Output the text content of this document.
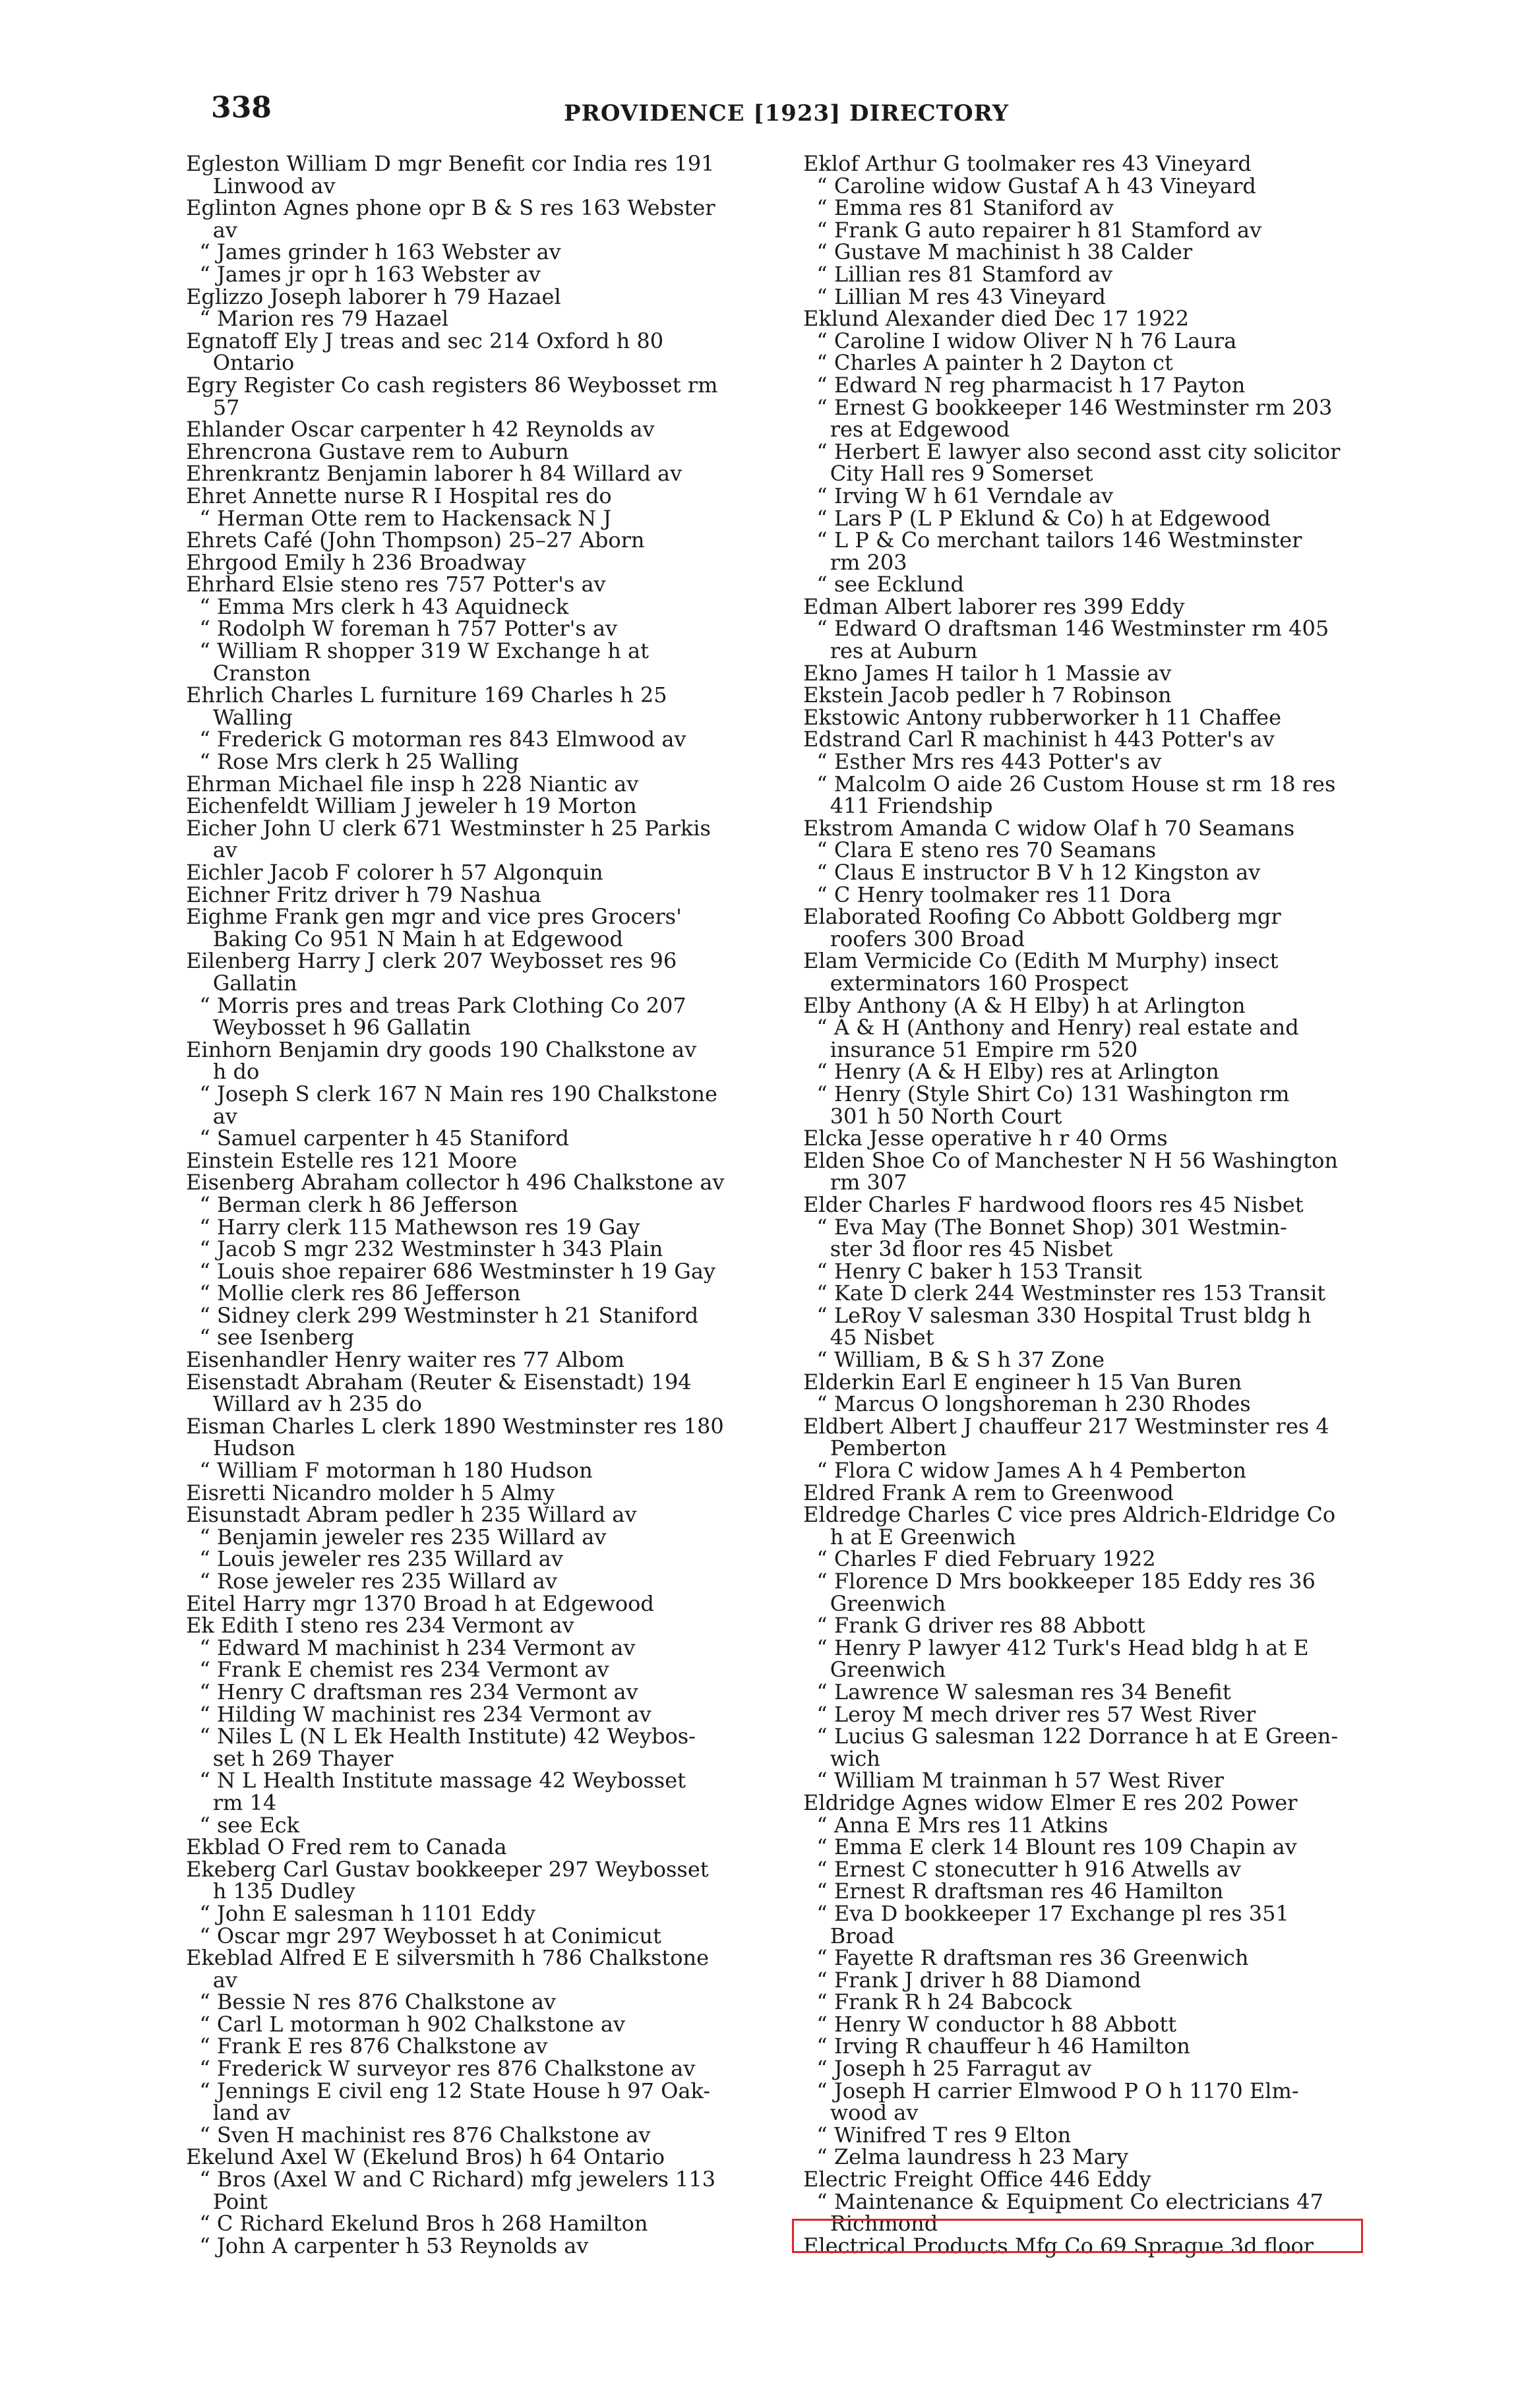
338	PROVIDENCE [1923] DIRECTORY
Egleston William D mgr Benefit cor India res 191
Linwood av
Eglinton Agnes phone opr B & S res 163 Webster
av
“ James grinder h 163 Webster av
“ James jr opr h 163 Webster av
Eglizzo Joseph laborer h 79 Hazael
“ Marion res 79 Hazael
Egnatoff Ely J treas and sec 214 Oxford h 80
Ontario
Egry Register Co cash registers 86 Weybosset rm
57
Ehlander Oscar carpenter h 42 Reynolds av
Ehrencrona Gustave rem to Auburn
Ehrenkrantz Benjamin laborer h 84 Willard av
Ehret Annette nurse R I Hospital res do
“ Herman Otte rem to Hackensack N J
Ehrets Café (John Thompson) 25–27 Aborn
Ehrgood Emily h 236 Broadway
Ehrhard Elsie steno res 757 Potter's av
“ Emma Mrs clerk h 43 Aquidneck
“ Rodolph W foreman h 757 Potter's av
“ William R shopper 319 W Exchange h at
Cranston
Ehrlich Charles L furniture 169 Charles h 25
Walling
“ Frederick G motorman res 843 Elmwood av
“ Rose Mrs clerk h 25 Walling
Ehrman Michael file insp h 228 Niantic av
Eichenfeldt William J jeweler h 19 Morton
Eicher John U clerk 671 Westminster h 25 Parkis
av
Eichler Jacob F colorer h 57 Algonquin
Eichner Fritz driver h 79 Nashua
Eighme Frank gen mgr and vice pres Grocers'
Baking Co 951 N Main h at Edgewood
Eilenberg Harry J clerk 207 Weybosset res 96
Gallatin
“ Morris pres and treas Park Clothing Co 207
Weybosset h 96 Gallatin
Einhorn Benjamin dry goods 190 Chalkstone av
h do
“ Joseph S clerk 167 N Main res 190 Chalkstone
av
“ Samuel carpenter h 45 Staniford
Einstein Estelle res 121 Moore
Eisenberg Abraham collector h 496 Chalkstone av
“ Berman clerk h 86 Jefferson
“ Harry clerk 115 Mathewson res 19 Gay
“ Jacob S mgr 232 Westminster h 343 Plain
“ Louis shoe repairer 686 Westminster h 19 Gay
“ Mollie clerk res 86 Jefferson
“ Sidney clerk 299 Westminster h 21 Staniford
“ see Isenberg
Eisenhandler Henry waiter res 77 Albom
Eisenstadt Abraham (Reuter & Eisenstadt) 194
Willard av h 235 do
Eisman Charles L clerk 1890 Westminster res 180
Hudson
“ William F motorman h 180 Hudson
Eisretti Nicandro molder h 5 Almy
Eisunstadt Abram pedler h 235 Willard av
“ Benjamin jeweler res 235 Willard av
“ Louis jeweler res 235 Willard av
“ Rose jeweler res 235 Willard av
Eitel Harry mgr 1370 Broad h at Edgewood
Ek Edith I steno res 234 Vermont av
“ Edward M machinist h 234 Vermont av
“ Frank E chemist res 234 Vermont av
“ Henry C draftsman res 234 Vermont av
“ Hilding W machinist res 234 Vermont av
“ Niles L (N L Ek Health Institute) 42 Weybos-
set h 269 Thayer
“ N L Health Institute massage 42 Weybosset
rm 14
“ see Eck
Ekblad O Fred rem to Canada
Ekeberg Carl Gustav bookkeeper 297 Weybosset
h 135 Dudley
“ John E salesman h 1101 Eddy
“ Oscar mgr 297 Weybosset h at Conimicut
Ekeblad Alfred E E silversmith h 786 Chalkstone
av
“ Bessie N res 876 Chalkstone av
“ Carl L motorman h 902 Chalkstone av
“ Frank E res 876 Chalkstone av
“ Frederick W surveyor res 876 Chalkstone av
“ Jennings E civil eng 12 State House h 97 Oak-
land av
“ Sven H machinist res 876 Chalkstone av
Ekelund Axel W (Ekelund Bros) h 64 Ontario
“ Bros (Axel W and C Richard) mfg jewelers 113
Point
“ C Richard Ekelund Bros h 268 Hamilton
“ John A carpenter h 53 Reynolds av
Eklof Arthur G toolmaker res 43 Vineyard
“ Caroline widow Gustaf A h 43 Vineyard
“ Emma res 81 Staniford av
“ Frank G auto repairer h 81 Stamford av
“ Gustave M machinist h 38 Calder
“ Lillian res 81 Stamford av
“ Lillian M res 43 Vineyard
Eklund Alexander died Dec 17 1922
“ Caroline I widow Oliver N h 76 Laura
“ Charles A painter h 2 Dayton ct
“ Edward N reg pharmacist h 17 Payton
“ Ernest G bookkeeper 146 Westminster rm 203
res at Edgewood
“ Herbert E lawyer also second asst city solicitor
City Hall res 9 Somerset
“ Irving W h 61 Verndale av
“ Lars P (L P Eklund & Co) h at Edgewood
“ L P & Co merchant tailors 146 Westminster
rm 203
“ see Ecklund
Edman Albert laborer res 399 Eddy
“ Edward O draftsman 146 Westminster rm 405
res at Auburn
Ekno James H tailor h 1 Massie av
Ekstein Jacob pedler h 7 Robinson
Ekstowic Antony rubberworker h 11 Chaffee
Edstrand Carl R machinist h 443 Potter's av
“ Esther Mrs res 443 Potter's av
“ Malcolm O aide 26 Custom House st rm 18 res
411 Friendship
Ekstrom Amanda C widow Olaf h 70 Seamans
“ Clara E steno res 70 Seamans
“ Claus E instructor B V h 12 Kingston av
“ C Henry toolmaker res 11 Dora
Elaborated Roofing Co Abbott Goldberg mgr
roofers 300 Broad
Elam Vermicide Co (Edith M Murphy) insect
exterminators 160 Prospect
Elby Anthony (A & H Elby) h at Arlington
“ A & H (Anthony and Henry) real estate and
insurance 51 Empire rm 520
“ Henry (A & H Elby) res at Arlington
“ Henry (Style Shirt Co) 131 Washington rm
301 h 50 North Court
Elcka Jesse operative h r 40 Orms
Elden Shoe Co of Manchester N H 56 Washington
rm 307
Elder Charles F hardwood floors res 45 Nisbet
“ Eva May (The Bonnet Shop) 301 Westmin-
ster 3d floor res 45 Nisbet
“ Henry C baker h 153 Transit
“ Kate D clerk 244 Westminster res 153 Transit
“ LeRoy V salesman 330 Hospital Trust bldg h
45 Nisbet
“ William, B & S h 37 Zone
Elderkin Earl E engineer h 15 Van Buren
“ Marcus O longshoreman h 230 Rhodes
Eldbert Albert J chauffeur 217 Westminster res 4
Pemberton
“ Flora C widow James A h 4 Pemberton
Eldred Frank A rem to Greenwood
Eldredge Charles C vice pres Aldrich-Eldridge Co
h at E Greenwich
“ Charles F died February 1922
“ Florence D Mrs bookkeeper 185 Eddy res 36
Greenwich
“ Frank G driver res 88 Abbott
“ Henry P lawyer 412 Turk's Head bldg h at E
Greenwich
“ Lawrence W salesman res 34 Benefit
“ Leroy M mech driver res 57 West River
“ Lucius G salesman 122 Dorrance h at E Green-
wich
“ William M trainman h 57 West River
Eldridge Agnes widow Elmer E res 202 Power
“ Anna E Mrs res 11 Atkins
“ Emma E clerk 14 Blount res 109 Chapin av
“ Ernest C stonecutter h 916 Atwells av
“ Ernest R draftsman res 46 Hamilton
“ Eva D bookkeeper 17 Exchange pl res 351
Broad
“ Fayette R draftsman res 36 Greenwich
“ Frank J driver h 88 Diamond
“ Frank R h 24 Babcock
“ Henry W conductor h 88 Abbott
“ Irving R chauffeur h 46 Hamilton
“ Joseph h 25 Farragut av
“ Joseph H carrier Elmwood P O h 1170 Elm-
wood av
“ Winifred T res 9 Elton
“ Zelma laundress h 23 Mary
Electric Freight Office 446 Eddy
“ Maintenance & Equipment Co electricians 47
Richmond
Electrical Products Mfg Co 69 Sprague 3d floor
